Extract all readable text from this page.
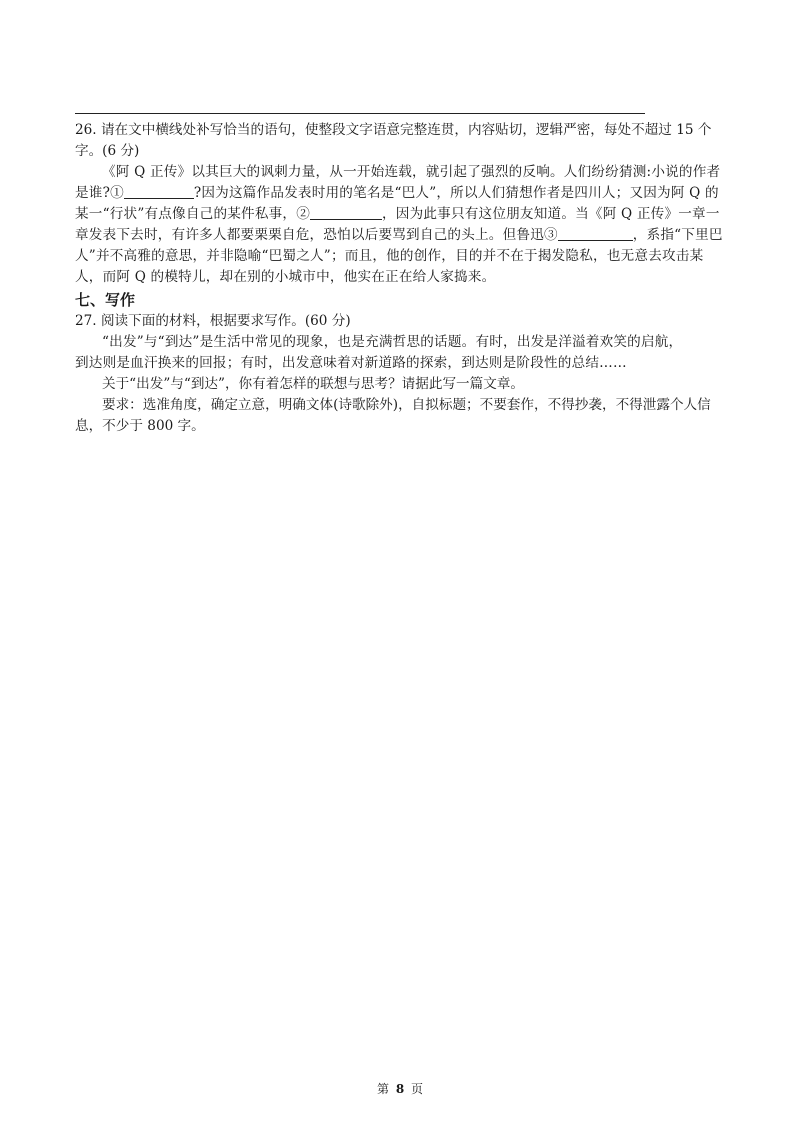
26. 请在文中横线处补写恰当的语句，使整段文字语意完整连贯，内容贴切，逻辑严密，每处不超过 15 个
字。(6 分)
《阿 Q 正传》以其巨大的讽刺力量，从一开始连载，就引起了强烈的反响。人们纷纷猜测:小说的作者
是谁?①	?因为这篇作品发表时用的笔名是“巴人”，所以人们猜想作者是四川人；又因为阿 Q 的
某一“行状”有点像自己的某件私事，②	，因为此事只有这位朋友知道。当《阿 Q 正传》一章一
章发表下去时，有许多人都要栗栗自危，恐怕以后要骂到自己的头上。但鲁迅③	，系指“下里巴
人”并不高雅的意思，并非隐喻“巴蜀之人”；而且，他的创作，目的并不在于揭发隐私，也无意去攻击某
人，而阿 Q 的模特儿，却在别的小城市中，他实在正在给人家捣来。
七、写作
27. 阅读下面的材料，根据要求写作。(60 分)
“出发”与“到达”是生活中常见的现象，也是充满哲思的话题。有时，出发是洋溢着欢笑的启航，
到达则是血汗换来的回报；有时，出发意味着对新道路的探索，到达则是阶段性的总结……
关于“出发”与“到达”，你有着怎样的联想与思考？请据此写一篇文章。
要求：选准角度，确定立意，明确文体(诗歌除外)，自拟标题；不要套作，不得抄袭，不得泄露个人信
息，不少于 800 字。
第 8 页
